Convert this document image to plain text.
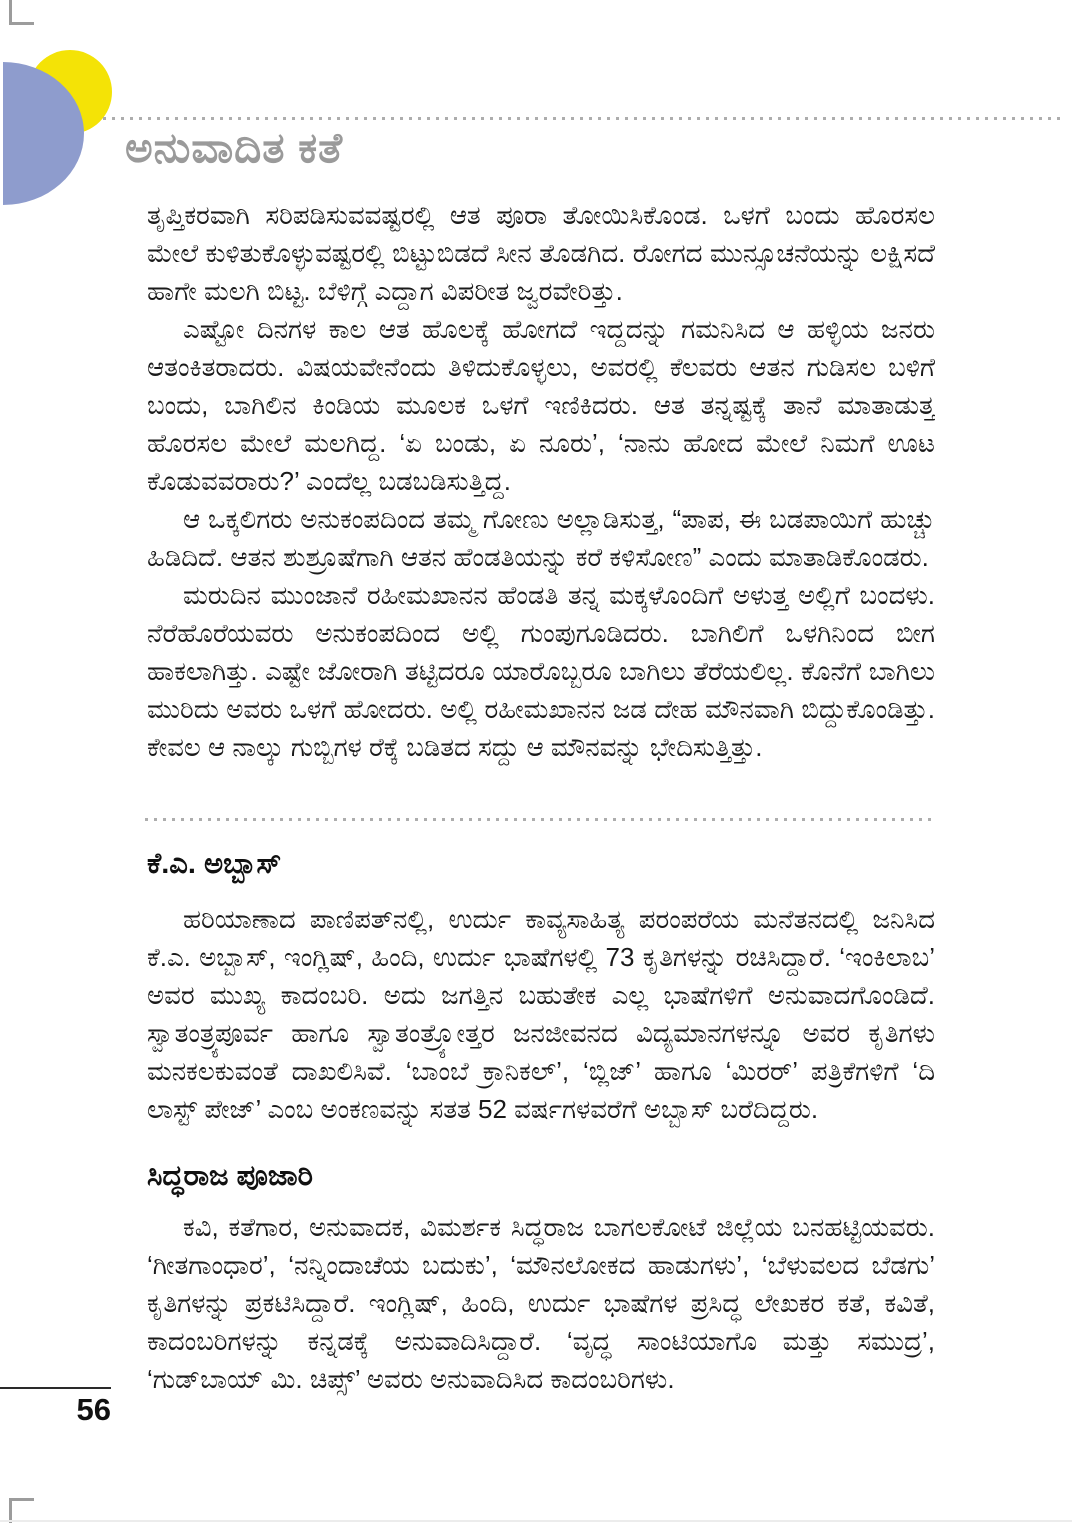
ಅನುವಾದಿತ ಕತೆ

ತೃಪ್ತಿಕರವಾಗಿ ಸರಿಪಡಿಸುವವಷ್ಟರಲ್ಲಿ ಆತ ಪೂರಾ ತೋಯಿಸಿಕೊಂಡ. ಒಳಗೆ ಬಂದು ಹೊರಸಲ ಮೇಲೆ ಕುಳಿತುಕೊಳ್ಳುವಷ್ಟರಲ್ಲಿ ಬಿಟ್ಟುಬಿಡದೆ ಸೀನ ತೊಡಗಿದ. ರೋಗದ ಮುನ್ಸೂಚನೆಯನ್ನು ಲಕ್ಷಿಸದೆ ಹಾಗೇ ಮಲಗಿ ಬಿಟ್ಟ. ಬೆಳಿಗ್ಗೆ ಎದ್ದಾಗ ವಿಪರೀತ ಜ್ವರವೇರಿತ್ತು.

ಎಷ್ಟೋ ದಿನಗಳ ಕಾಲ ಆತ ಹೊಲಕ್ಕೆ ಹೋಗದೆ ಇದ್ದದನ್ನು ಗಮನಿಸಿದ ಆ ಹಳ್ಳಿಯ ಜನರು ಆತಂಕಿತರಾದರು. ವಿಷಯವೇನೆಂದು ತಿಳಿದುಕೊಳ್ಳಲು, ಅವರಲ್ಲಿ ಕೆಲವರು ಆತನ ಗುಡಿಸಲ ಬಳಿಗೆ ಬಂದು, ಬಾಗಿಲಿನ ಕಿಂಡಿಯ ಮೂಲಕ ಒಳಗೆ ಇಣಿಕಿದರು. ಆತ ತನ್ನಷ್ಟಕ್ಕೆ ತಾನೆ ಮಾತಾಡುತ್ತ ಹೊರಸಲ ಮೇಲೆ ಮಲಗಿದ್ದ. ‘ಏ ಬಂಡು, ಏ ನೂರು’, ‘ನಾನು ಹೋದ ಮೇಲೆ ನಿಮಗೆ ಊಟ ಕೊಡುವವರಾರು?’ ಎಂದೆಲ್ಲ ಬಡಬಡಿಸುತ್ತಿದ್ದ.

ಆ ಒಕ್ಕಲಿಗರು ಅನುಕಂಪದಿಂದ ತಮ್ಮ ಗೋಣು ಅಲ್ಲಾಡಿಸುತ್ತ, “ಪಾಪ, ಈ ಬಡಪಾಯಿಗೆ ಹುಚ್ಚು ಹಿಡಿದಿದೆ. ಆತನ ಶುಶ್ರೂಷೆಗಾಗಿ ಆತನ ಹೆಂಡತಿಯನ್ನು ಕರೆ ಕಳಿಸೋಣ” ಎಂದು ಮಾತಾಡಿಕೊಂಡರು.

ಮರುದಿನ ಮುಂಜಾನೆ ರಹೀಮಖಾನನ ಹೆಂಡತಿ ತನ್ನ ಮಕ್ಕಳೊಂದಿಗೆ ಅಳುತ್ತ ಅಲ್ಲಿಗೆ ಬಂದಳು. ನೆರೆಹೊರೆಯವರು ಅನುಕಂಪದಿಂದ ಅಲ್ಲಿ ಗುಂಪುಗೂಡಿದರು. ಬಾಗಿಲಿಗೆ ಒಳಗಿನಿಂದ ಬೀಗ ಹಾಕಲಾಗಿತ್ತು. ಎಷ್ಟೇ ಜೋರಾಗಿ ತಟ್ಟಿದರೂ ಯಾರೊಬ್ಬರೂ ಬಾಗಿಲು ತೆರೆಯಲಿಲ್ಲ. ಕೊನೆಗೆ ಬಾಗಿಲು ಮುರಿದು ಅವರು ಒಳಗೆ ಹೋದರು. ಅಲ್ಲಿ ರಹೀಮಖಾನನ ಜಡ ದೇಹ ಮೌನವಾಗಿ ಬಿದ್ದುಕೊಂಡಿತ್ತು. ಕೇವಲ ಆ ನಾಲ್ಕು ಗುಬ್ಬಿಗಳ ರೆಕ್ಕೆ ಬಡಿತದ ಸದ್ದು ಆ ಮೌನವನ್ನು ಭೇದಿಸುತ್ತಿತ್ತು.

ಕೆ.ಎ. ಅಬ್ಬಾಸ್

ಹರಿಯಾಣಾದ ಪಾಣಿಪತ್‌ನಲ್ಲಿ, ಉರ್ದು ಕಾವ್ಯಸಾಹಿತ್ಯ ಪರಂಪರೆಯ ಮನೆತನದಲ್ಲಿ ಜನಿಸಿದ ಕೆ.ಎ. ಅಬ್ಬಾಸ್, ಇಂಗ್ಲಿಷ್, ಹಿಂದಿ, ಉರ್ದು ಭಾಷೆಗಳಲ್ಲಿ 73 ಕೃತಿಗಳನ್ನು ರಚಿಸಿದ್ದಾರೆ. ‘ಇಂಕಿಲಾಬ’ ಅವರ ಮುಖ್ಯ ಕಾದಂಬರಿ. ಅದು ಜಗತ್ತಿನ ಬಹುತೇಕ ಎಲ್ಲ ಭಾಷೆಗಳಿಗೆ ಅನುವಾದಗೊಂಡಿದೆ. ಸ್ವಾತಂತ್ರ್ಯಪೂರ್ವ ಹಾಗೂ ಸ್ವಾತಂತ್ರ್ಯೋತ್ತರ ಜನಜೀವನದ ವಿದ್ಯಮಾನಗಳನ್ನೂ ಅವರ ಕೃತಿಗಳು ಮನಕಲಕುವಂತೆ ದಾಖಲಿಸಿವೆ. ‘ಬಾಂಬೆ ಕ್ರಾನಿಕಲ್’, ‘ಬ್ಲಿಜ್’ ಹಾಗೂ ‘ಮಿರರ್’ ಪತ್ರಿಕೆಗಳಿಗೆ ‘ದಿ ಲಾಸ್ಟ್ ಪೇಜ್’ ಎಂಬ ಅಂಕಣವನ್ನು ಸತತ 52 ವರ್ಷಗಳವರೆಗೆ ಅಬ್ಬಾಸ್ ಬರೆದಿದ್ದರು.

ಸಿದ್ಧರಾಜ ಪೂಜಾರಿ

ಕವಿ, ಕತೆಗಾರ, ಅನುವಾದಕ, ವಿಮರ್ಶಕ ಸಿದ್ಧರಾಜ ಬಾಗಲಕೋಟೆ ಜಿಲ್ಲೆಯ ಬನಹಟ್ಟಿಯವರು. ‘ಗೀತಗಾಂಧಾರ’, ‘ನನ್ನಿಂದಾಚೆಯ ಬದುಕು’, ‘ಮೌನಲೋಕದ ಹಾಡುಗಳು’, ‘ಬೆಳುವಲದ ಬೆಡಗು’ ಕೃತಿಗಳನ್ನು ಪ್ರಕಟಿಸಿದ್ದಾರೆ. ಇಂಗ್ಲಿಷ್, ಹಿಂದಿ, ಉರ್ದು ಭಾಷೆಗಳ ಪ್ರಸಿದ್ಧ ಲೇಖಕರ ಕತೆ, ಕವಿತೆ, ಕಾದಂಬರಿಗಳನ್ನು ಕನ್ನಡಕ್ಕೆ ಅನುವಾದಿಸಿದ್ದಾರೆ. ‘ವೃದ್ಧ ಸಾಂಟಿಯಾಗೊ ಮತ್ತು ಸಮುದ್ರ’, ‘ಗುಡ್‌ಬಾಯ್ ಮಿ. ಚಿಪ್ಸ್’ ಅವರು ಅನುವಾದಿಸಿದ ಕಾದಂಬರಿಗಳು.

56
